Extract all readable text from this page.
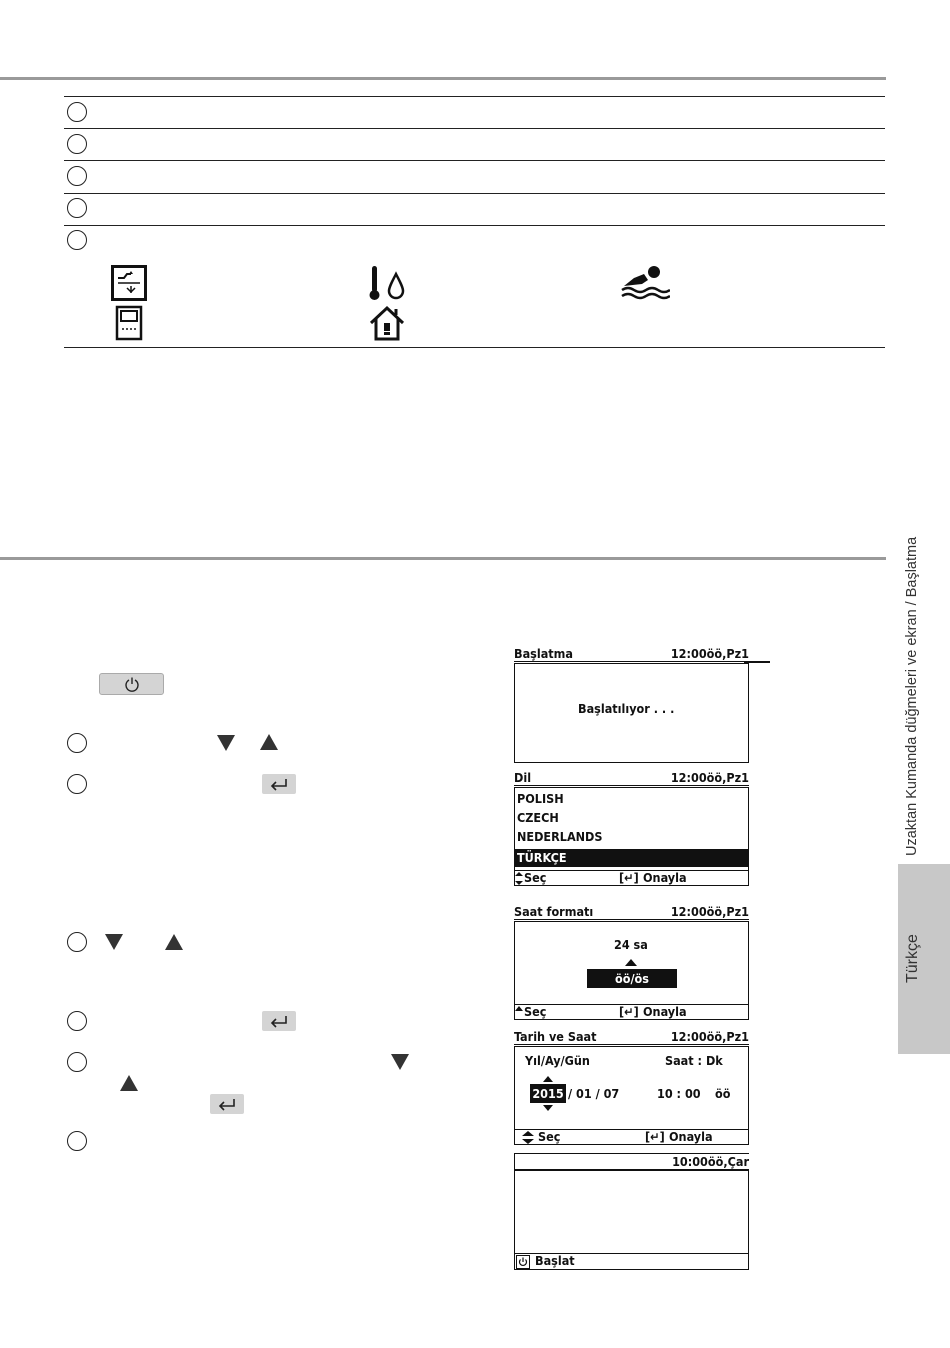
Uzaktan Kumanda düğmeleri ve ekran / Başlatma
Türkçe
Başlatma	12:00öö,Pz1
Başlatılıyor . . .
Dil	12:00öö,Pz1
POLISH
CZECH
NEDERLANDS
TÜRKÇE
Seç	[↵] Onayla
Saat formatı	12:00öö,Pz1
24 sa
öö/ös
Seç	[↵] Onayla
Tarih ve Saat	12:00öö,Pz1
Yıl/Ay/Gün	Saat : Dk
2015 / 01 / 07	10 : 00 öö
Seç	[↵] Onayla
10:00öö,Çar
Başlat
